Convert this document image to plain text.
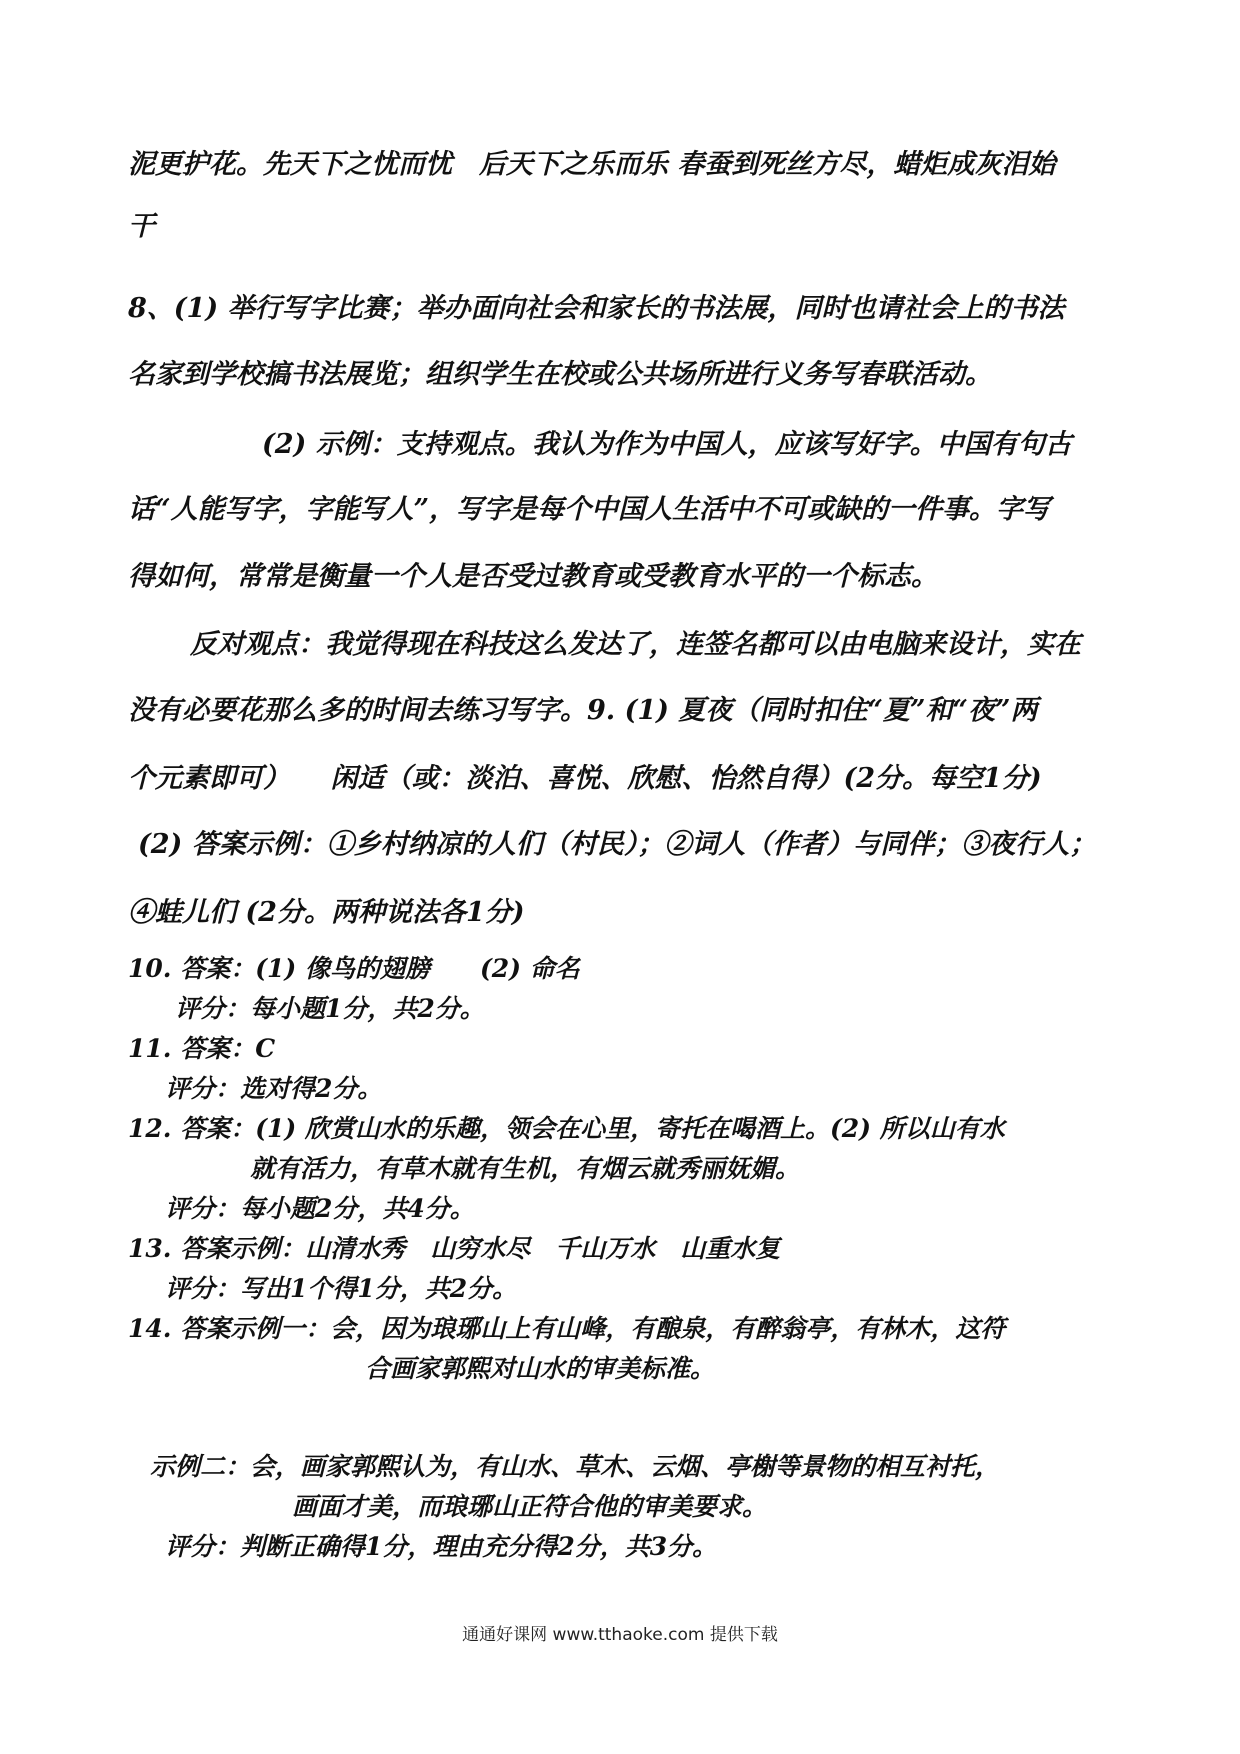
泥更护花。先天下之忧而忧　后天下之乐而乐 春蚕到死丝方尽，蜡炬成灰泪始
干
8、(1) 举行写字比赛；举办面向社会和家长的书法展，同时也请社会上的书法
名家到学校搞书法展览；组织学生在校或公共场所进行义务写春联活动。
(2) 示例：支持观点。我认为作为中国人，应该写好字。中国有句古
话“人能写字，字能写人”，写字是每个中国人生活中不可或缺的一件事。字写
得如何，常常是衡量一个人是否受过教育或受教育水平的一个标志。
反对观点：我觉得现在科技这么发达了，连签名都可以由电脑来设计，实在
没有必要花那么多的时间去练习写字。9. (1) 夏夜（同时扣住“夏”和“夜”两
个元素即可）　　闲适（或：淡泊、喜悦、欣慰、怡然自得）(2分。每空1分)
(2) 答案示例：①乡村纳凉的人们（村民）；②词人（作者）与同伴；③夜行人；
④蛙儿们 (2分。两种说法各1分)
10. 答案：(1) 像鸟的翅膀　　(2) 命名
评分：每小题1分，共2分。
11. 答案：C
评分：选对得2分。
12. 答案：(1) 欣赏山水的乐趣，领会在心里，寄托在喝酒上。(2) 所以山有水
就有活力，有草木就有生机，有烟云就秀丽妩媚。
评分：每小题2分，共4分。
13. 答案示例：山清水秀　山穷水尽　千山万水　山重水复
评分：写出1个得1分，共2分。
14. 答案示例一：会，因为琅琊山上有山峰，有酿泉，有醉翁亭，有林木，这符
合画家郭熙对山水的审美标准。
示例二：会，画家郭熙认为，有山水、草木、云烟、亭榭等景物的相互衬托，
画面才美，而琅琊山正符合他的审美要求。
评分：判断正确得1分，理由充分得2分，共3分。
通通好课网 www.tthaoke.com 提供下载
